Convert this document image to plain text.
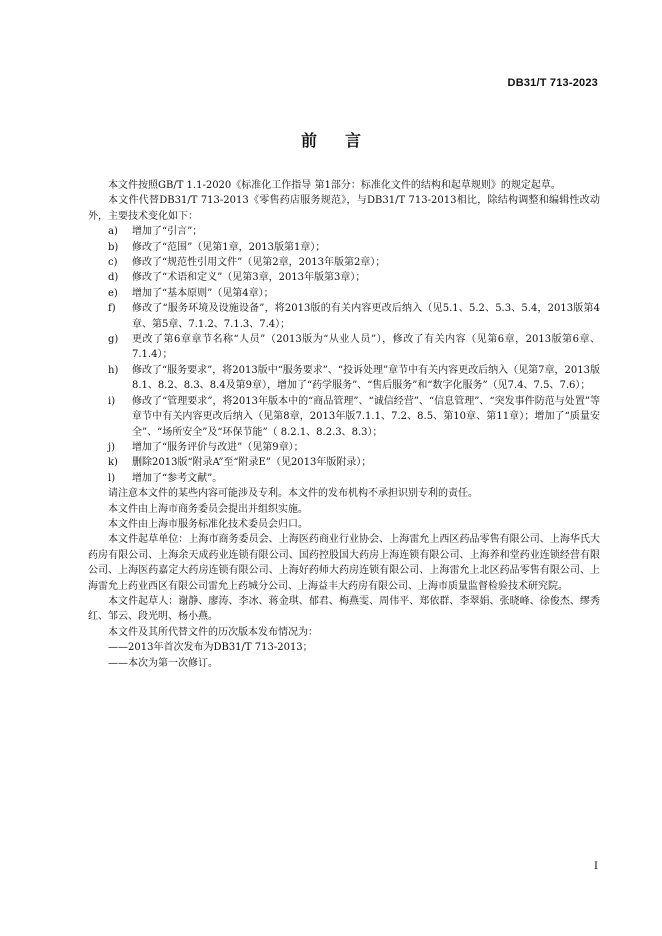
DB31/T 713-2023
前言

本文件按照GB/T 1.1-2020《标准化工作指导 第1部分：标准化文件的结构和起草规则》的规定起草。

本文件代替DB31/T 713-2013《零售药店服务规范》，与DB31/T 713-2013相比，除结构调整和编辑性改动外，主要技术变化如下：

a)	增加了“引言”；
b)	修改了“范围”（见第1章，2013版第1章）；
c)	修改了“规范性引用文件”（见第2章，2013年版第2章）；
d)	修改了“术语和定义”（见第3章，2013年版第3章）；
e)	增加了“基本原则”（见第4章）；
f)	修改了“服务环境及设施设备”，将2013版的有关内容更改后纳入（见5.1、5.2、5.3、5.4，2013版第4章、第5章、7.1.2、7.1.3、7.4）；
g)	更改了第6章章节名称“人员”（2013版为“从业人员”），修改了有关内容（见第6章，2013版第6章、7.1.4）；
h)	修改了“服务要求”，将2013版中“服务要求”、“投诉处理”章节中有关内容更改后纳入（见第7章，2013版8.1、8.2、8.3、8.4及第9章），增加了“药学服务”、“售后服务”和“数字化服务”（见7.4、7.5、7.6）；
i)	修改了“管理要求”，将2013年版本中的“商品管理”、“诚信经营”、“信息管理”、“突发事件防范与处置”等章节中有关内容更改后纳入（见第8章，2013年版7.1.1、7.2、8.5、第10章、第11章）；增加了“质量安全”、“场所安全”及“环保节能”（ 8.2.1、8.2.3、8.3）；
j)	增加了“服务评价与改进”（见第9章）；
k)	删除2013版“附录A”至“附录E”（见2013年版附录）；
l)	增加了“参考文献”。

请注意本文件的某些内容可能涉及专利。本文件的发布机构不承担识别专利的责任。

本文件由上海市商务委员会提出并组织实施。

本文件由上海市服务标准化技术委员会归口。

本文件起草单位：上海市商务委员会、上海医药商业行业协会、上海雷允上西区药品零售有限公司、上海华氏大药房有限公司、上海余天成药业连锁有限公司、国药控股国大药房上海连锁有限公司、上海养和堂药业连锁经营有限公司、上海医药嘉定大药房连锁有限公司、上海好药师大药房连锁有限公司、上海雷允上北区药品零售有限公司、上海雷允上药业西区有限公司雷允上药城分公司、上海益丰大药房有限公司、上海市质量监督检验技术研究院。

本文件起草人：谢静、廖涛、李冰、蒋金琪、郁君、梅燕雯、周伟平、郑依群、李翠娟、张晓峰、徐俊杰、缪秀红、邹云、段光明、杨小燕。

本文件及其所代替文件的历次版本发布情况为：

——2013年首次发布为DB31/T 713-2013；

——本次为第一次修订。

I
